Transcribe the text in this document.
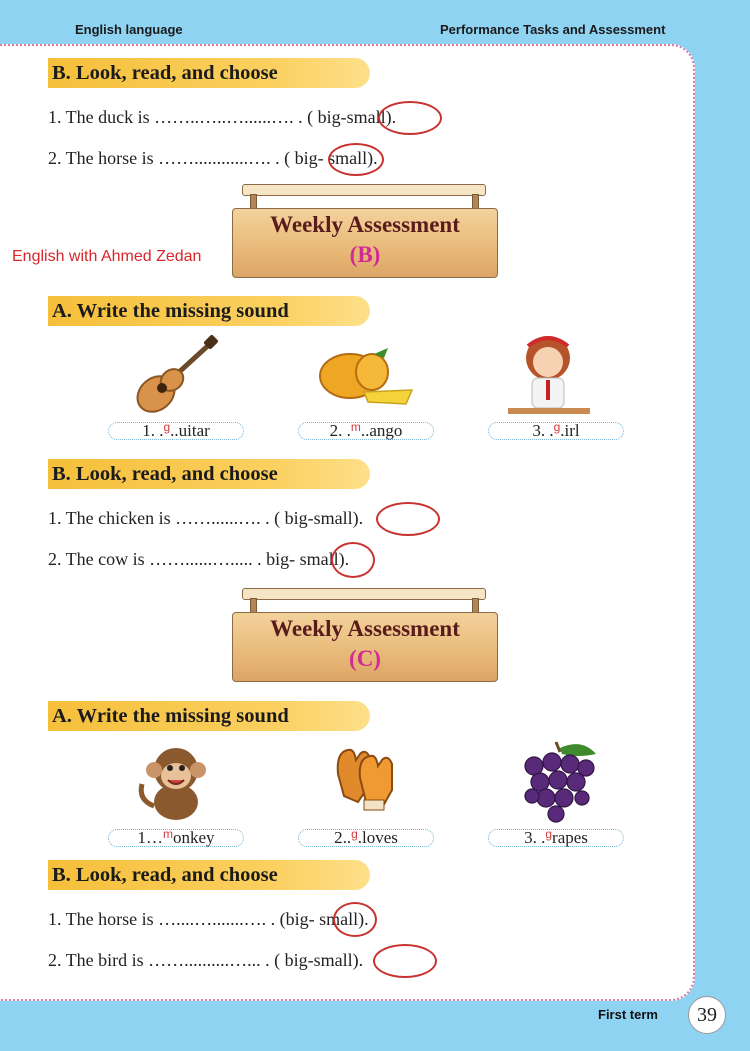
English language	Performance Tasks and Assessment
B. Look, read, and choose
1. The duck is ……..…..…......…. . ( big-small).
2. The horse is ……............…. . ( big- small).
Weekly Assessment
(B)
English with Ahmed Zedan
A. Write the missing sound
1. .$^g$..uitar	2. .$^m$..ango	3. .$^g$.irl
B. Look, read, and choose
1. The chicken is ……......…. . ( big-small).
2. The cow is ……......…..... . big- small).
Weekly Assessment
(C)
A. Write the missing sound
1…$^m$onkey	2..$^g$.loves	3. .$^g$rapes
B. Look, read, and choose
1. The horse is …....….......…. . (big- small).
2. The bird is ……..........…... . ( big-small).
First term	39
